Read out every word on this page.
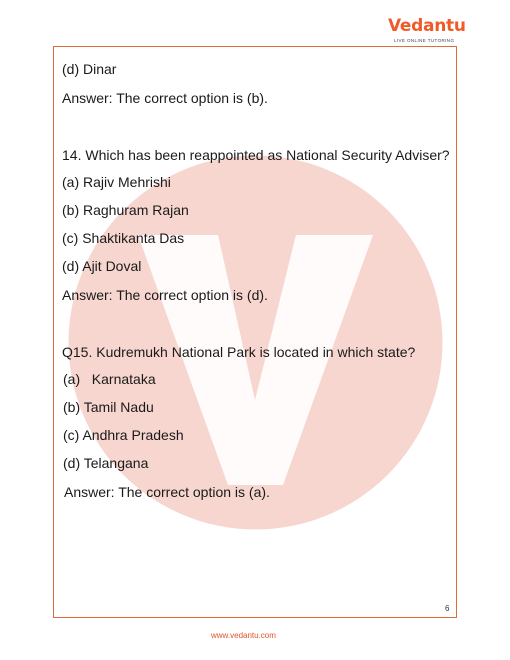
Vedantu
LIVE ONLINE TUTORING
(d) Dinar
Answer: The correct option is (b).
14. Which has been reappointed as National Security Adviser?
(a) Rajiv Mehrishi
(b) Raghuram Rajan
(c) Shaktikanta Das
(d) Ajit Doval
Answer: The correct option is (d).
Q15. Kudremukh National Park is located in which state?
(a)   Karnataka
(b) Tamil Nadu
(c) Andhra Pradesh
(d) Telangana
Answer: The correct option is (a).
6
www.vedantu.com
